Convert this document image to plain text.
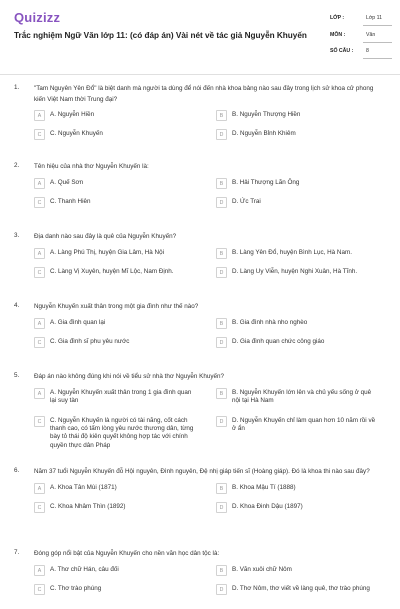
Quizizz
Trắc nghiệm Ngữ Văn lớp 11: (có đáp án) Vài nét về tác giả Nguyễn Khuyến
LỚP :	Lớp 11
MÔN :	Văn
SỐ CÂU : 8
1. "Tam Nguyên Yên Đổ" là biệt danh mà người ta dùng để nói đến nhà khoa bảng nào sau đây trong lịch sử khoa cử phong kiến Việt Nam thời Trung đại?
A	A. Nguyễn Hiền	B	B. Nguyễn Thượng Hiền
C	C. Nguyễn Khuyến	D	D. Nguyễn Bỉnh Khiêm
2. Tên hiệu của nhà thơ Nguyễn Khuyến là:
A	A. Quế Sơn	B	B. Hải Thượng Lãn Ông
C	C. Thanh Hiên	D	D. Ức Trai
3. Địa danh nào sau đây là quê của Nguyễn Khuyến?
A	A. Làng Phú Thị, huyện Gia Lâm, Hà Nội	B	B. Làng Yên Đổ, huyện Bình Lục, Hà Nam.
C	C. Làng Vị Xuyên, huyện Mĩ Lộc, Nam Định.	D	D. Làng Uy Viễn, huyện Nghi Xuân, Hà Tĩnh.
4. Nguyễn Khuyến xuất thân trong một gia đình như thế nào?
A	A. Gia đình quan lại	B	B. Gia đình nhà nho nghèo
C	C. Gia đình sĩ phu yêu nước	D	D. Gia đình quan chức công giáo
5. Đáp án nào không đúng khi nói về tiểu sử nhà thơ Nguyễn Khuyến?
A	A. Nguyễn Khuyến xuất thân trong 1 gia đình quan lại suy tàn
B	B. Nguyễn Khuyến lớn lên và chủ yếu sống ở quê nội tại Hà Nam
C	C. Nguyễn Khuyến là người có tài năng, cốt cách thanh cao, có tấm lòng yêu nước thương dân, từng bày tỏ thái độ kiên quyết không hợp tác với chính quyền thực dân Pháp
D	D. Nguyễn Khuyến chỉ làm quan hơn 10 năm rồi về ở ẩn
6. Năm 37 tuổi Nguyễn Khuyến đỗ Hội nguyên, Đình nguyên, Đệ nhị giáp tiến sĩ (Hoàng giáp). Đó là khoa thi nào sau đây?
A	A. Khoa Tân Mùi (1871)	B	B. Khoa Mậu Tí (1888)
C	C. Khoa Nhâm Thìn (1892)	D	D. Khoa Đinh Dậu (1897)
7. Đóng góp nổi bật của Nguyễn Khuyến cho nền văn học dân tộc là:
A	A. Thơ chữ Hán, câu đối	B	B. Văn xuôi chữ Nôm
C	C. Thơ trào phúng	D	D. Thơ Nôm, thơ viết về làng quê, thơ trào phúng
